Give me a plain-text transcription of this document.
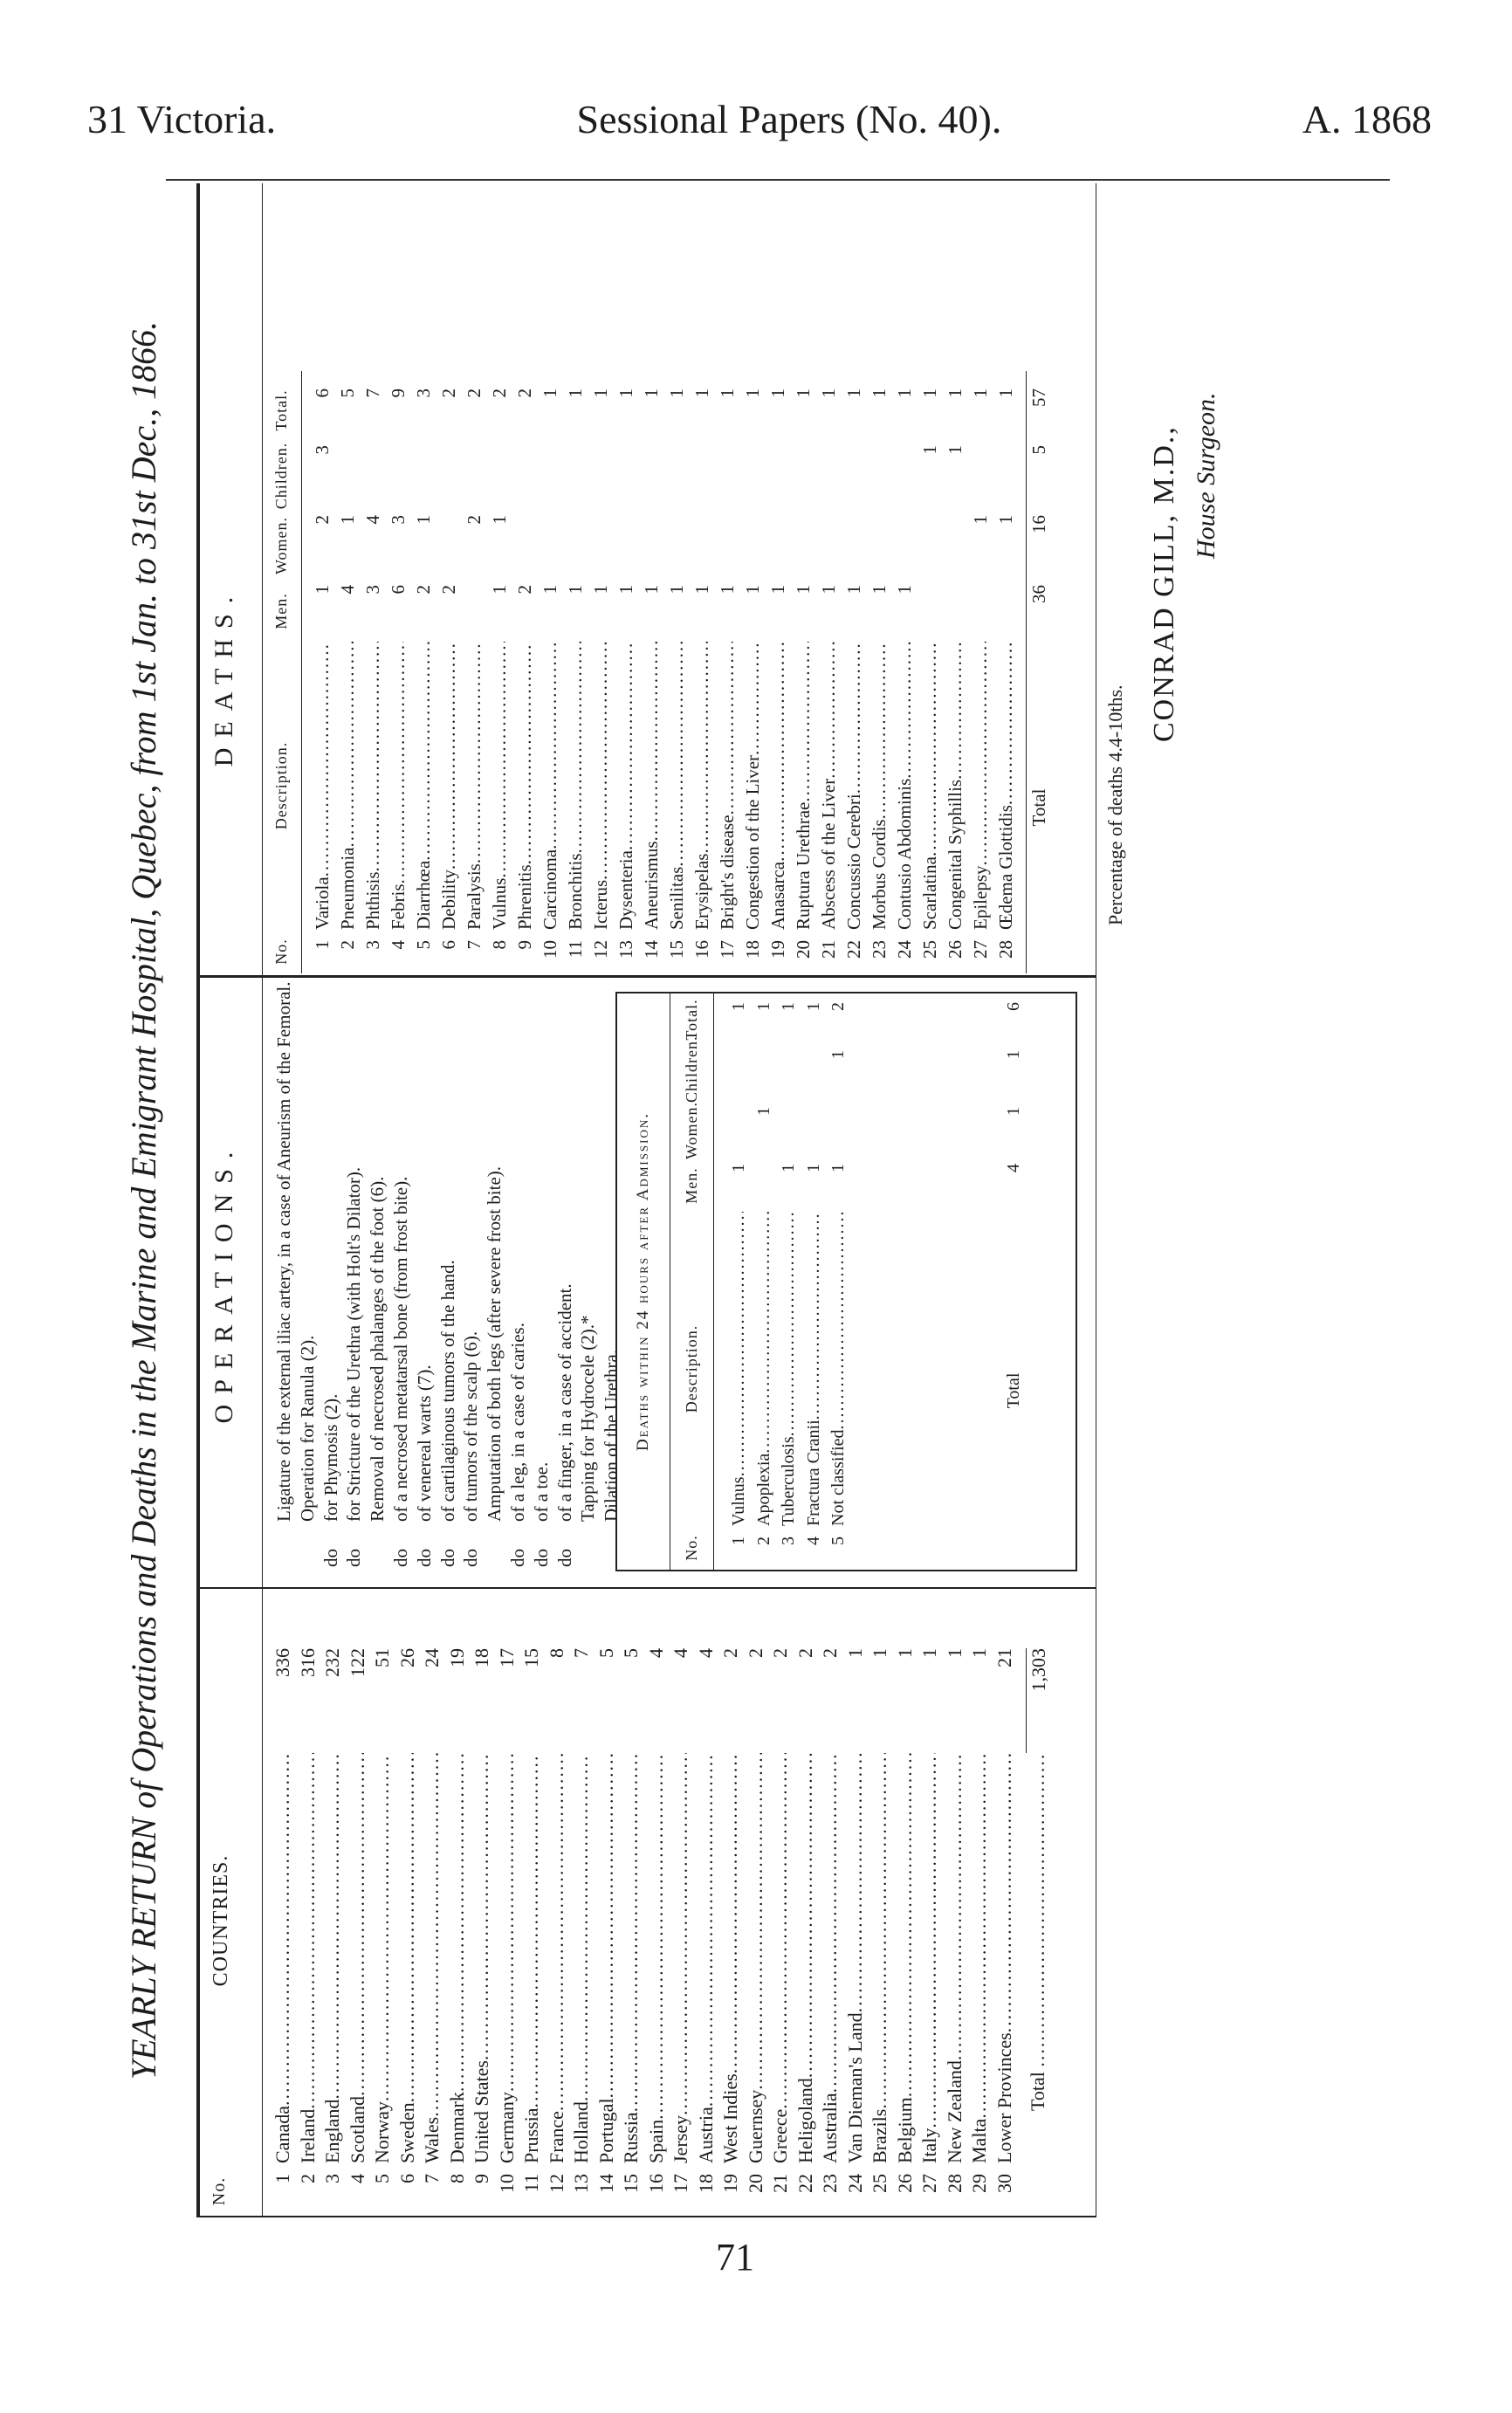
31 Victoria.	Sessional Papers (No. 40).	A. 1868
YEARLY RETURN of Operations and Deaths in the Marine and Emigrant Hospital, Quebec, from 1st Jan. to 31st Dec., 1866.
No.
COUNTRIES.
1
Canada .....
336
2
Ireland .....
316
3
England .....
232
4
Scotland .....
122
5
Norway .....
51
6
Sweden .....
26
7
Wales .....
24
8
Denmark .....
19
9
United States .....
18
10
Germany .....
17
11
Prussia .....
15
12
France .....
8
13
Holland .....
7
14
Portugal .....
5
15
Russia .....
5
16
Spain .....
4
17
Jersey .....
4
18
Austria .....
4
19
West Indies .....
2
20
Guernsey .....
2
21
Greece .....
2
22
Heligoland .....
2
23
Australia .....
2
24
Van Dieman's Land .....
1
25
Brazils .....
1
26
Belgium .....
1
27
Italy .....
1
28
New Zealand .....
1
29
Malta .....
1
30
Lower Provinces .....
21
Total .....
1,303
OPERATIONS. Ligature of the external iliac artery, in a case of Aneurism of the Femoral. Operation for Ranula (2).
dofor Phymosis (2).
dofor Stricture of the Urethra (with Holt's Dilator). Removal of necrosed phalanges of the foot (6).
doof a necrosed metatarsal bone (from frost bite).
doof venereal warts (7).
doof cartilaginous tumors of the hand.
doof tumors of the scalp (6). Amputation of both legs (after severe frost bite).
doof a leg, in a case of caries.
doof a toe.
doof a finger, in a case of accident. Tapping for Hydrocele (2).* Dilation of the Urethra. Deaths within 24 hours after Admission.
No.
Description.
Men.
Women.
Children.
Total.
1
Vulnus .....
1
1
2
Apoplexia .....
1
1
3
Tuberculosis .....
1
1
4
Fractura Cranii .....
1
1
5
Not classified .....
1
1
2
Total
4
1
1
6
DEATHS.
No.
Description.
Men.
Women.
Children.
Total.
1
Variola .....
1
2
3
6
2
Pneumonia .....
4
1
5
3
Phthisis .....
3
4
7
4
Febris .....
6
3
9
5
Diarrhœa .....
2
1
3
6
Debility .....
2
2
7
Paralysis .....
2
2
8
Vulnus .....
1
1
2
9
Phrenitis .....
2
2
10
Carcinoma .....
1
1
11
Bronchitis .....
1
1
12
Icterus .....
1
1
13
Dysenteria .....
1
1
14
Aneurismus .....
1
1
15
Senilitas .....
1
1
16
Erysipelas .....
1
1
17
Bright's disease .....
1
1
18
Congestion of the Liver .....
1
1
19
Anasarca .....
1
1
20
Ruptura Urethrae .....
1
1
21
Abscess of the Liver .....
1
1
22
Concussio Cerebri .....
1
1
23
Morbus Cordis .....
1
1
24
Contusio Abdominis .....
1
1
25
Scarlatina .....
1
1
26
Congenital Syphillis .....
1
1
27
Epilepsy .....
1
1
28
Œdema Glottidis .....
1
1
Total
36
16
5
57
Percentage of deaths 4.4-10ths.
CONRAD GILL, M.D., House Surgeon.
71
